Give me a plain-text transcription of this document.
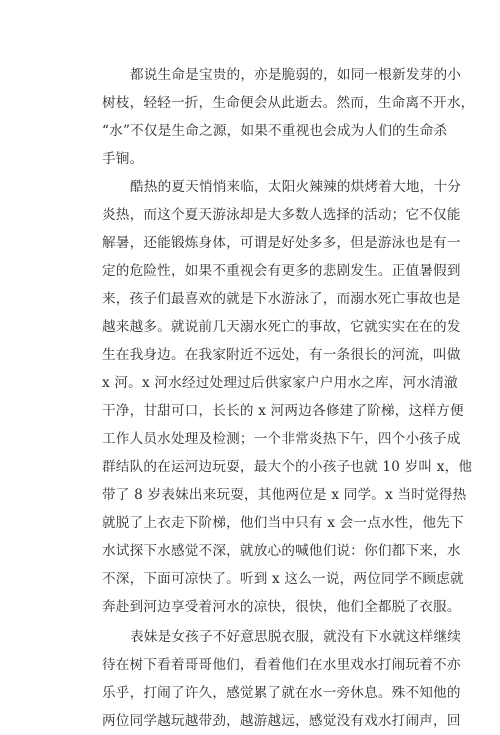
都说生命是宝贵的，亦是脆弱的，如同一根新发芽的小
树枝，轻轻一折，生命便会从此逝去。然而，生命离不开水，
“水”不仅是生命之源，如果不重视也会成为人们的生命杀
手锏。
酷热的夏天悄悄来临，太阳火辣辣的烘烤着大地，十分
炎热，而这个夏天游泳却是大多数人选择的活动；它不仅能
解暑，还能锻炼身体，可谓是好处多多，但是游泳也是有一
定的危险性，如果不重视会有更多的悲剧发生。正值暑假到
来，孩子们最喜欢的就是下水游泳了，而溺水死亡事故也是
越来越多。就说前几天溺水死亡的事故，它就实实在在的发
生在我身边。在我家附近不远处，有一条很长的河流，叫做
x 河。x 河水经过处理过后供家家户户用水之库，河水清澈
干净，甘甜可口，长长的 x 河两边各修建了阶梯，这样方便
工作人员水处理及检测；一个非常炎热下午，四个小孩子成
群结队的在运河边玩耍，最大个的小孩子也就 10 岁叫 x，他
带了 8 岁表妹出来玩耍，其他两位是 x 同学。x 当时觉得热
就脱了上衣走下阶梯，他们当中只有 x 会一点水性，他先下
水试探下水感觉不深，就放心的喊他们说：你们都下来，水
不深，下面可凉快了。听到 x 这么一说，两位同学不顾虑就
奔赴到河边享受着河水的凉快，很快，他们全都脱了衣服。
表妹是女孩子不好意思脱衣服，就没有下水就这样继续
待在树下看着哥哥他们，看着他们在水里戏水打闹玩着不亦
乐乎，打闹了许久，感觉累了就在水一旁休息。殊不知他的
两位同学越玩越带劲，越游越远，感觉没有戏水打闹声，回
